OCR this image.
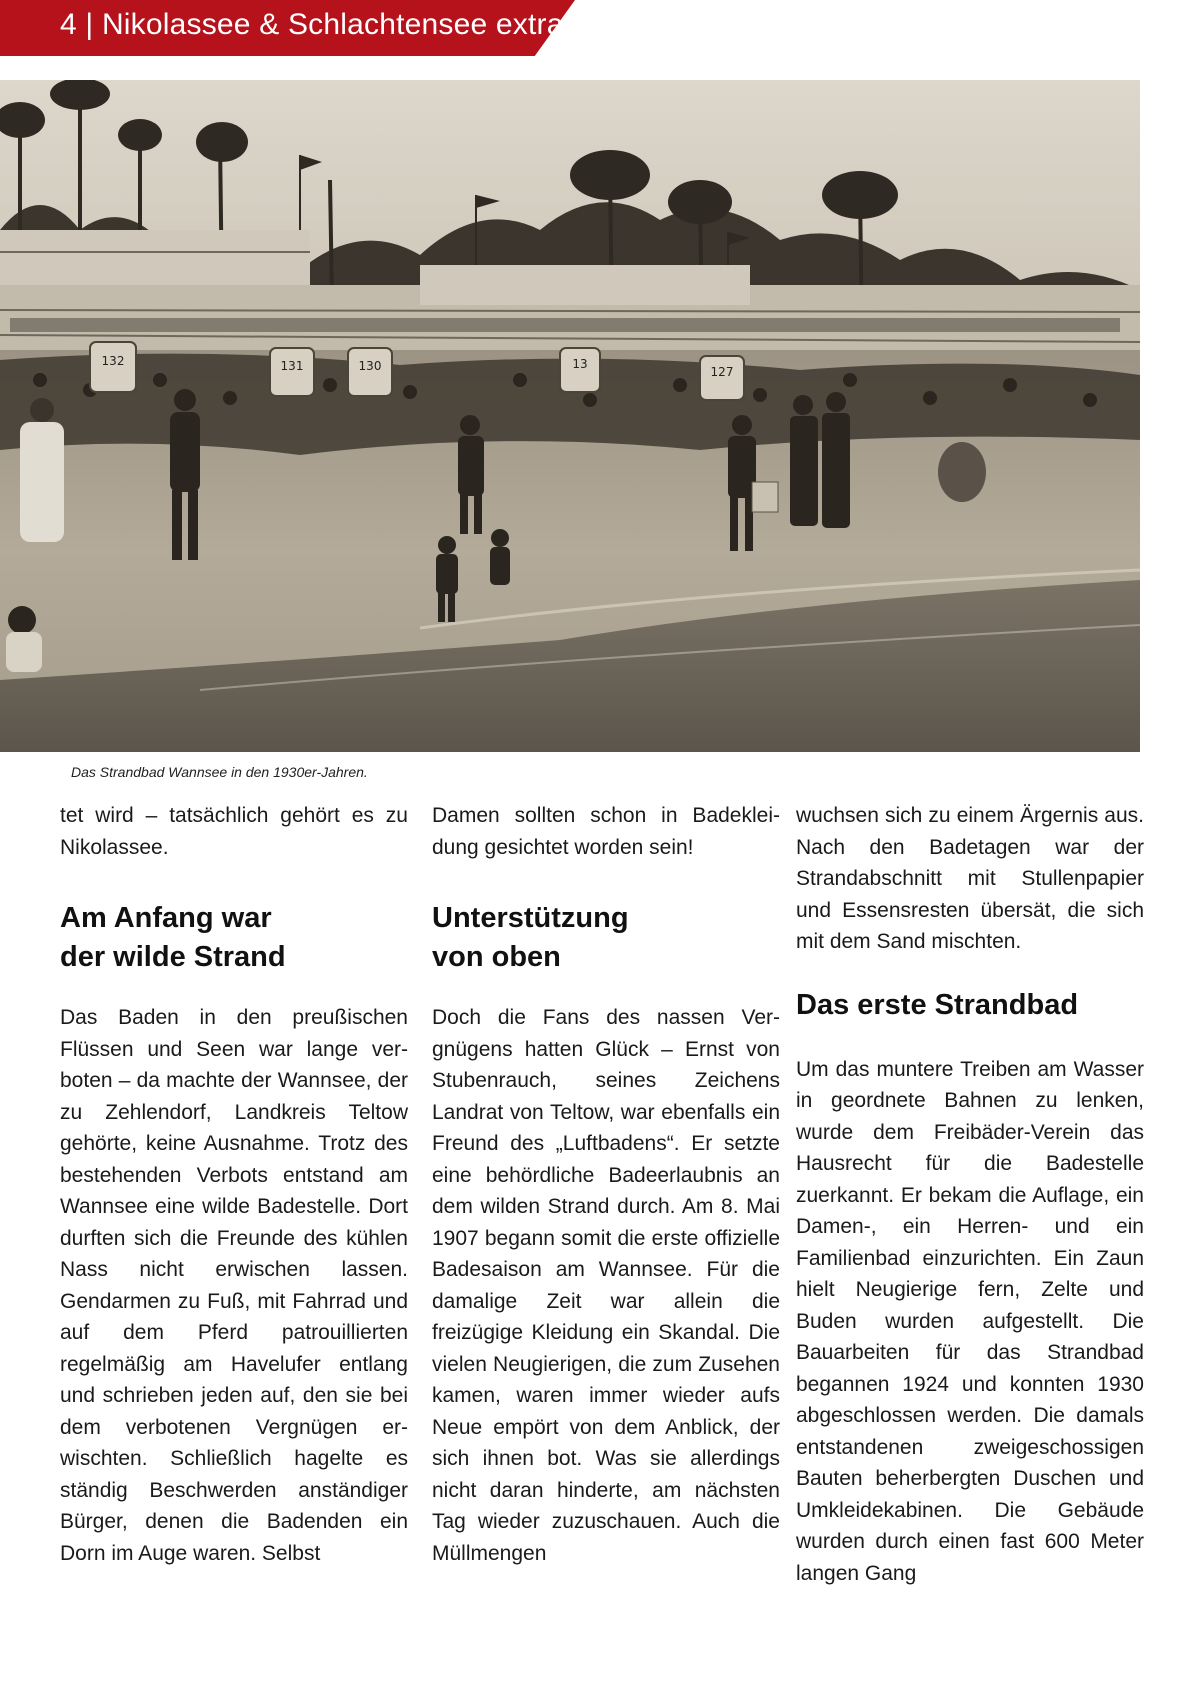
4 | Nikolassee & Schlachtensee extra
132	131	130	13
127
Das Strandbad Wannsee in den 1930er-Jahren.

tet wird – tatsächlich gehört es zu Nikolassee.

Am Anfang war
der wilde Strand

Das Baden in den preußischen Flüssen und Seen war lange verboten – da machte der Wannsee, der zu Zehlendorf, Landkreis Teltow gehörte, keine Ausnahme. Trotz des bestehenden Verbots entstand am Wannsee eine wilde Badestelle. Dort durften sich die Freunde des kühlen Nass nicht erwischen lassen. Gendarmen zu Fuß, mit Fahrrad und auf dem Pferd patrouillierten regelmäßig am Havelufer entlang und schrieben jeden auf, den sie bei dem verbotenen Vergnügen erwischten. Schließlich hagelte es ständig Beschwerden anständiger Bürger, denen die Badenden ein Dorn im Auge waren. Selbst

Damen sollten schon in Badekleidung gesichtet worden sein!

Unterstützung
von oben

Doch die Fans des nassen Vergnügens hatten Glück – Ernst von Stubenrauch, seines Zeichens Landrat von Teltow, war ebenfalls ein Freund des „Luftbadens“. Er setzte eine behördliche Badeerlaubnis an dem wilden Strand durch. Am 8. Mai 1907 begann somit die erste offizielle Badesaison am Wannsee. Für die damalige Zeit war allein die freizügige Kleidung ein Skandal. Die vielen Neugierigen, die zum Zusehen kamen, waren immer wieder aufs Neue empört von dem Anblick, der sich ihnen bot. Was sie allerdings nicht daran hinderte, am nächsten Tag wieder zuzuschauen. Auch die Müllmengen

wuchsen sich zu einem Ärgernis aus. Nach den Badetagen war der Strandabschnitt mit Stullenpapier und Essensresten übersät, die sich mit dem Sand mischten.

Das erste Strandbad

Um das muntere Treiben am Wasser in geordnete Bahnen zu lenken, wurde dem Freibäder-Verein das Hausrecht für die Badestelle zuerkannt. Er bekam die Auflage, ein Damen-, ein Herren- und ein Familienbad einzurichten. Ein Zaun hielt Neugierige fern, Zelte und Buden wurden aufgestellt. Die Bauarbeiten für das Strandbad begannen 1924 und konnten 1930 abgeschlossen werden. Die damals entstandenen zweigeschossigen Bauten beherbergten Duschen und Umkleidekabinen. Die Gebäude wurden durch einen fast 600 Meter langen Gang
